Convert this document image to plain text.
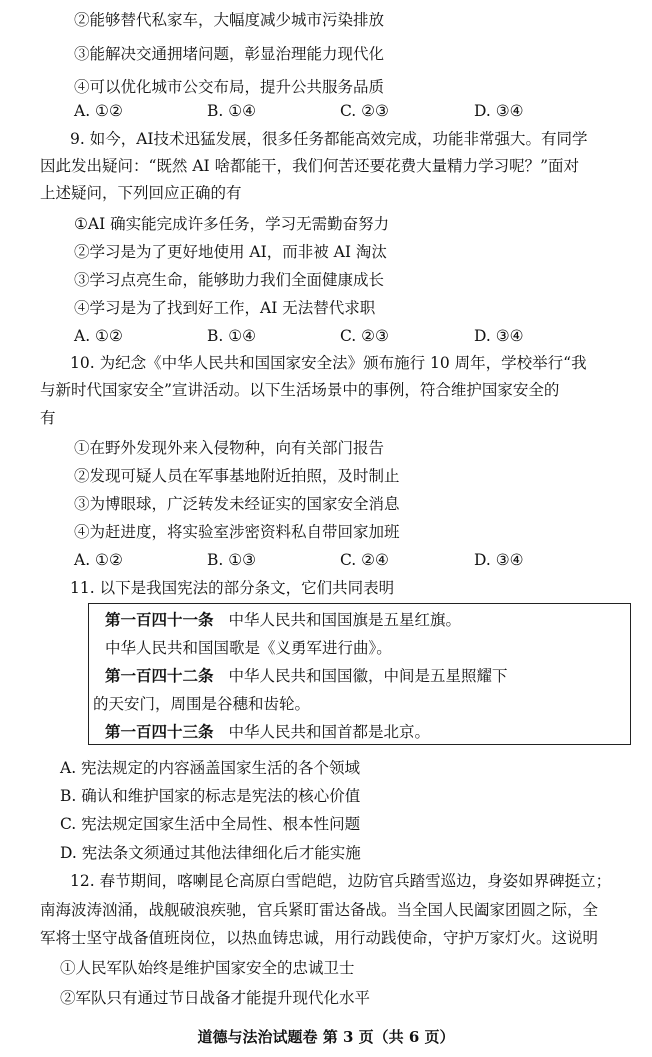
②能够替代私家车，大幅度减少城市污染排放
③能解决交通拥堵问题，彰显治理能力现代化
④可以优化城市公交布局，提升公共服务品质
A. ①②	B. ①④	C. ②③	D. ③④
9. 如今，AI技术迅猛发展，很多任务都能高效完成，功能非常强大。有同学
因此发出疑问：“既然 AI 啥都能干，我们何苦还要花费大量精力学习呢？”面对
上述疑问，下列回应正确的有
①AI 确实能完成许多任务，学习无需勤奋努力
②学习是为了更好地使用 AI，而非被 AI 淘汰
③学习点亮生命，能够助力我们全面健康成长
④学习是为了找到好工作，AI 无法替代求职
A. ①②	B. ①④	C. ②③	D. ③④
10. 为纪念《中华人民共和国国家安全法》颁布施行 10 周年，学校举行“我
与新时代国家安全”宣讲活动。以下生活场景中的事例，符合维护国家安全的
有
①在野外发现外来入侵物种，向有关部门报告
②发现可疑人员在军事基地附近拍照，及时制止
③为博眼球，广泛转发未经证实的国家安全消息
④为赶进度，将实验室涉密资料私自带回家加班
A. ①②	B. ①③	C. ②④	D. ③④
11. 以下是我国宪法的部分条文，它们共同表明
第一百四十一条 中华人民共和国国旗是五星红旗。
中华人民共和国国歌是《义勇军进行曲》。
第一百四十二条 中华人民共和国国徽，中间是五星照耀下
的天安门，周围是谷穗和齿轮。
第一百四十三条 中华人民共和国首都是北京。
A. 宪法规定的内容涵盖国家生活的各个领域
B. 确认和维护国家的标志是宪法的核心价值
C. 宪法规定国家生活中全局性、根本性问题
D. 宪法条文须通过其他法律细化后才能实施
12. 春节期间，喀喇昆仑高原白雪皑皑，边防官兵踏雪巡边，身姿如界碑挺立；
南海波涛汹涌，战舰破浪疾驰，官兵紧盯雷达备战。当全国人民阖家团圆之际，全
军将士坚守战备值班岗位，以热血铸忠诚，用行动践使命，守护万家灯火。这说明
①人民军队始终是维护国家安全的忠诚卫士
②军队只有通过节日战备才能提升现代化水平
道德与法治试题卷 第 3 页（共 6 页）
